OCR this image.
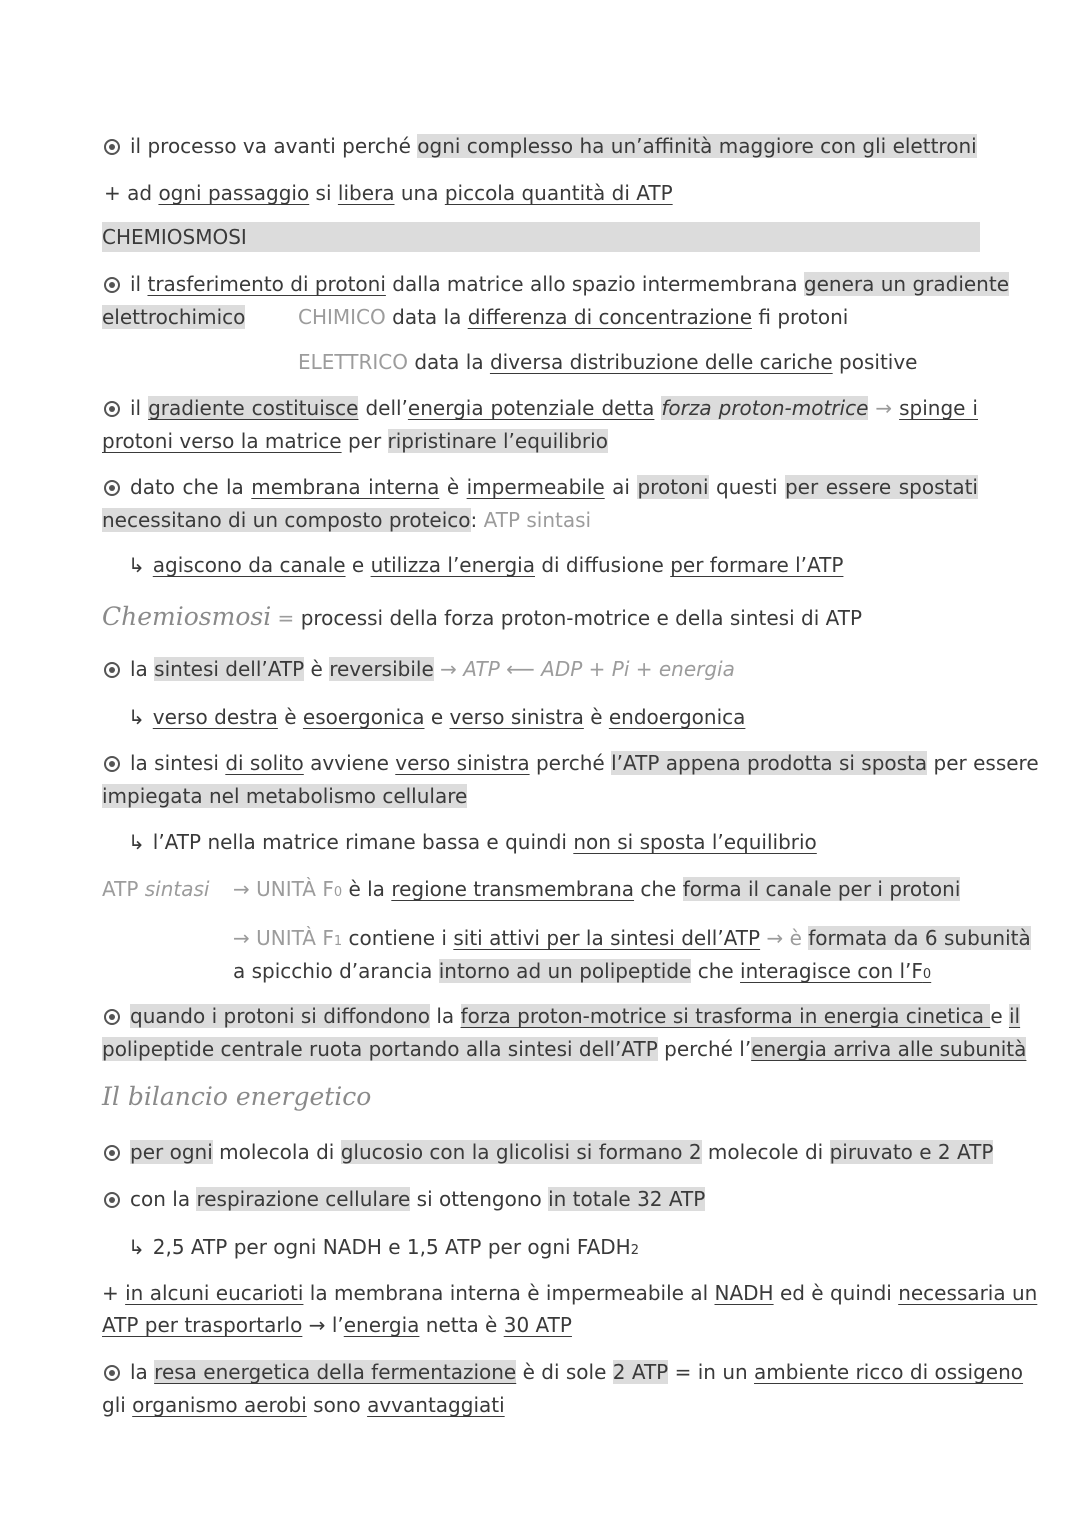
il processo va avanti perché ogni complesso ha un’affinità maggiore con gli elettroni
+ ad ogni passaggio si libera una piccola quantità di ATP
CHEMIOSMOSI
il trasferimento di protoni dalla matrice allo spazio intermembrana genera un gradiente
elettrochimico	CHIMICO data la differenza di concentrazione fi protoni
ELETTRICO data la diversa distribuzione delle cariche positive
il gradiente costituisce dell’energia potenziale detta forza proton-motrice → spinge i
protoni verso la matrice per ripristinare l’equilibrio
dato che la membrana interna è impermeabile ai protoni questi per essere spostati
necessitano di un composto proteico: ATP sintasi
↳ agiscono da canale e utilizza l’energia di diffusione per formare l’ATP
Chemiosmosi = processi della forza proton-motrice e della sintesi di ATP
la sintesi dell’ATP è reversibile → ATP ⟵ ADP + Pi + energia
↳ verso destra è esoergonica e verso sinistra è endoergonica
la sintesi di solito avviene verso sinistra perché l’ATP appena prodotta si sposta per essere
impiegata nel metabolismo cellulare
↳ l’ATP nella matrice rimane bassa e quindi non si sposta l’equilibrio
ATP sintasi → UNITÀ F0 è la regione transmembrana che forma il canale per i protoni
→ UNITÀ F1 contiene i siti attivi per la sintesi dell’ATP → è formata da 6 subunità
a spicchio d’arancia intorno ad un polipeptide che interagisce con l’F0
quando i protoni si diffondono la forza proton-motrice si trasforma in energia cinetica e il
polipeptide centrale ruota portando alla sintesi dell’ATP perché l’energia arriva alle subunità
Il bilancio energetico
per ogni molecola di glucosio con la glicolisi si formano 2 molecole di piruvato e 2 ATP
con la respirazione cellulare si ottengono in totale 32 ATP
↳ 2,5 ATP per ogni NADH e 1,5 ATP per ogni FADH2
+ in alcuni eucarioti la membrana interna è impermeabile al NADH ed è quindi necessaria un
ATP per trasportarlo → l’energia netta è 30 ATP
la resa energetica della fermentazione è di sole 2 ATP = in un ambiente ricco di ossigeno
gli organismo aerobi sono avvantaggiati
